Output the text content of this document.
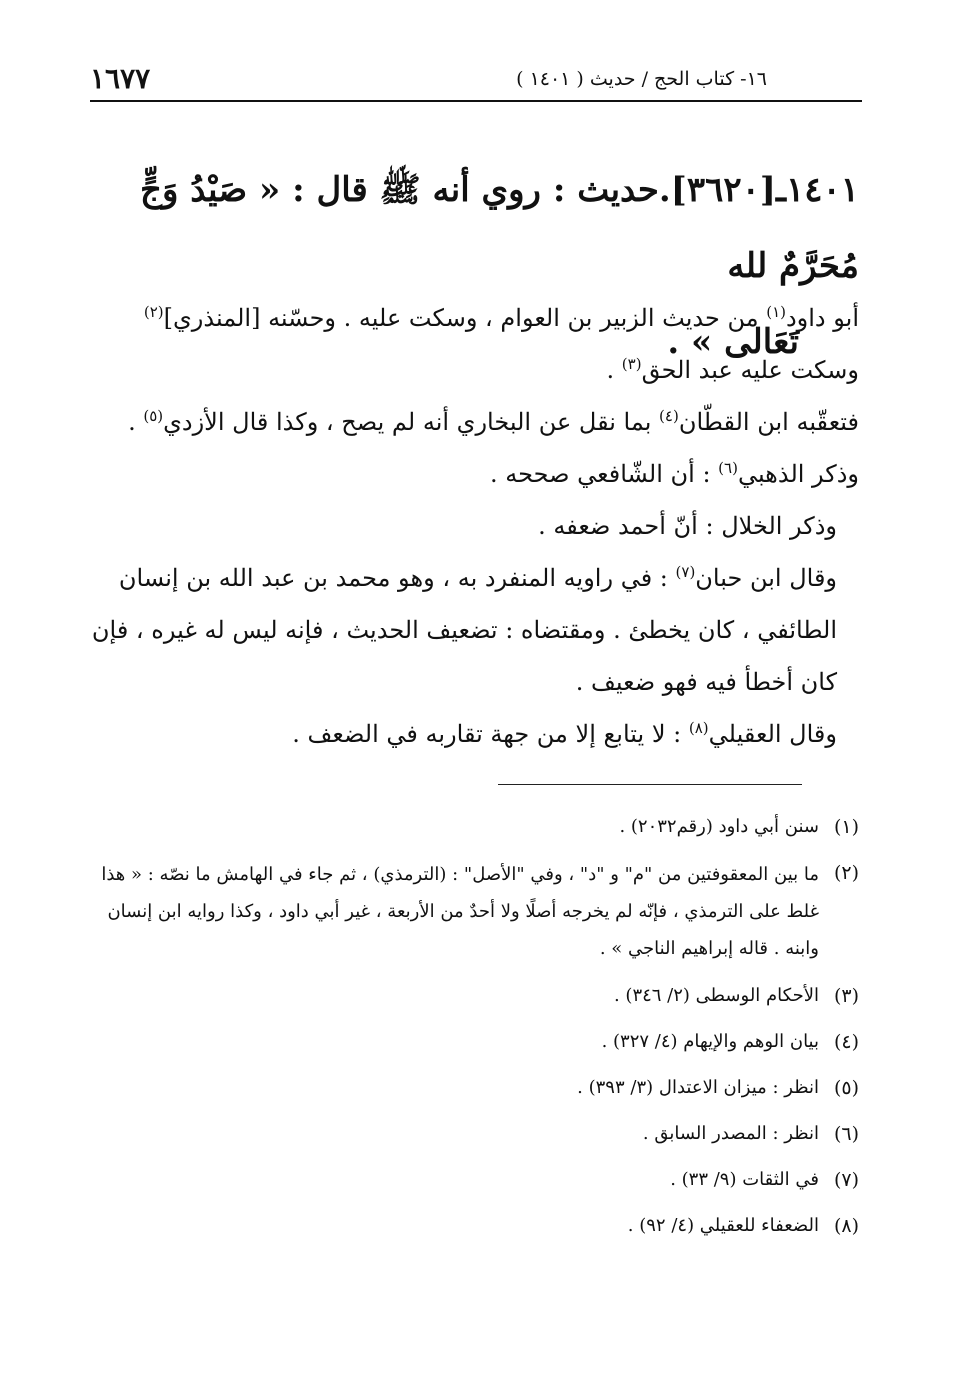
١٦٧٧	١٦- كتاب الحج / حديث ( ١٤٠١ )
١٤٠١ـ[٣٦٢٠].حديث : روي أنه ﷺ قال : « صَيْدُ وَجٍّ مُحَرَّمٌ لله
تَعَالى » .

أبو داود$^{(١)}$ من حديث الزبير بن العوام ، وسكت عليه . وحسّنه [المنذري]$^{(٢)}$ وسكت عليه عبد الحق$^{(٣)}$ .

فتعقّبه ابن القطّان$^{(٤)}$ بما نقل عن البخاري أنه لم يصح ، وكذا قال الأزدي$^{(٥)}$ .

وذكر الذهبي$^{(٦)}$ : أن الشّافعي صححه .

وذكر الخلال : أنّ أحمد ضعفه .

وقال ابن حبان$^{(٧)}$ : في راويه المنفرد به ، وهو محمد بن عبد الله بن إنسان الطائفي ، كان يخطئ . ومقتضاه : تضعيف الحديث ، فإنه ليس له غيره ، فإن كان أخطأ فيه فهو ضعيف .

وقال العقيلي$^{(٨)}$ : لا يتابع إلا من جهة تقاربه في الضعف .

(١)
سنن أبي داود (رقم٢٠٣٢) .
(٢)
ما بين المعقوفتين من "م" و "د" ، وفي "الأصل" : (الترمذي) ، ثم جاء في الهامش ما نصّه : « هذا غلط على الترمذي ، فإنّه لم يخرجه أصلًا ولا أحدٌ من الأربعة ، غير أبي داود ، وكذا روايه ابن إنسان وابنه . قاله إبراهيم الناجي » .
(٣)
الأحكام الوسطى (٢/ ٣٤٦) .
(٤)
بيان الوهم والإيهام (٤/ ٣٢٧) .
(٥)
انظر : ميزان الاعتدال (٣/ ٣٩٣) .
(٦)
انظر : المصدر السابق .
(٧)
في الثقات (٩/ ٣٣) .
(٨)
الضعفاء للعقيلي (٤/ ٩٢) .
